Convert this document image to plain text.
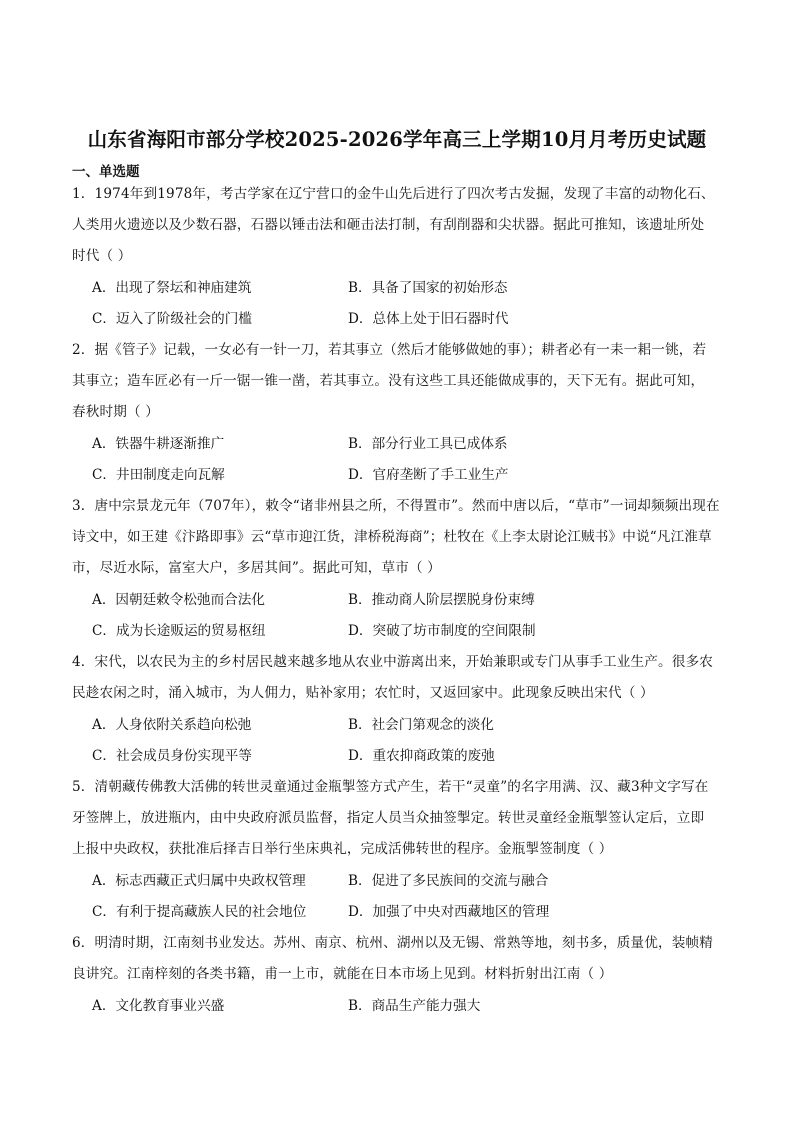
山东省海阳市部分学校2025-2026学年高三上学期10月月考历史试题
一、单选题
1．1974年到1978年，考古学家在辽宁营口的金牛山先后进行了四次考古发掘，发现了丰富的动物化石、
人类用火遗迹以及少数石器，石器以锤击法和砸击法打制，有刮削器和尖状器。据此可推知，该遗址所处
时代（ ）
A．出现了祭坛和神庙建筑	B．具备了国家的初始形态
C．迈入了阶级社会的门槛	D．总体上处于旧石器时代
2．据《管子》记载，一女必有一针一刀，若其事立（然后才能够做她的事）；耕者必有一耒一耜一铫，若
其事立；造车匠必有一斤一锯一锥一凿，若其事立。没有这些工具还能做成事的，天下无有。据此可知，
春秋时期（ ）
A．铁器牛耕逐渐推广	B．部分行业工具已成体系
C．井田制度走向瓦解	D．官府垄断了手工业生产
3．唐中宗景龙元年（707年），敕令“诸非州县之所，不得置市”。然而中唐以后，“草市”一词却频频出现在
诗文中，如王建《汴路即事》云“草市迎江货，津桥税海商”；杜牧在《上李太尉论江贼书》中说“凡江淮草
市，尽近水际，富室大户，多居其间”。据此可知，草市（ ）
A．因朝廷敕令松弛而合法化	B．推动商人阶层摆脱身份束缚
C．成为长途贩运的贸易枢纽	D．突破了坊市制度的空间限制
4．宋代，以农民为主的乡村居民越来越多地从农业中游离出来，开始兼职或专门从事手工业生产。很多农
民趁农闲之时，涌入城市，为人佣力，贴补家用；农忙时，又返回家中。此现象反映出宋代（ ）
A．人身依附关系趋向松弛	B．社会门第观念的淡化
C．社会成员身份实现平等	D．重农抑商政策的废弛
5．清朝藏传佛教大活佛的转世灵童通过金瓶掣签方式产生，若干“灵童”的名字用满、汉、藏3种文字写在
牙签牌上，放进瓶内，由中央政府派员监督，指定人员当众抽签掣定。转世灵童经金瓶掣签认定后，立即
上报中央政权，获批准后择吉日举行坐床典礼，完成活佛转世的程序。金瓶掣签制度（ ）
A．标志西藏正式归属中央政权管理	B．促进了多民族间的交流与融合
C．有利于提高藏族人民的社会地位	D．加强了中央对西藏地区的管理
6．明清时期，江南刻书业发达。苏州、南京、杭州、湖州以及无锡、常熟等地，刻书多，质量优，装帧精
良讲究。江南梓刻的各类书籍，甫一上市，就能在日本市场上见到。材料折射出江南（ ）
A．文化教育事业兴盛	B．商品生产能力强大
